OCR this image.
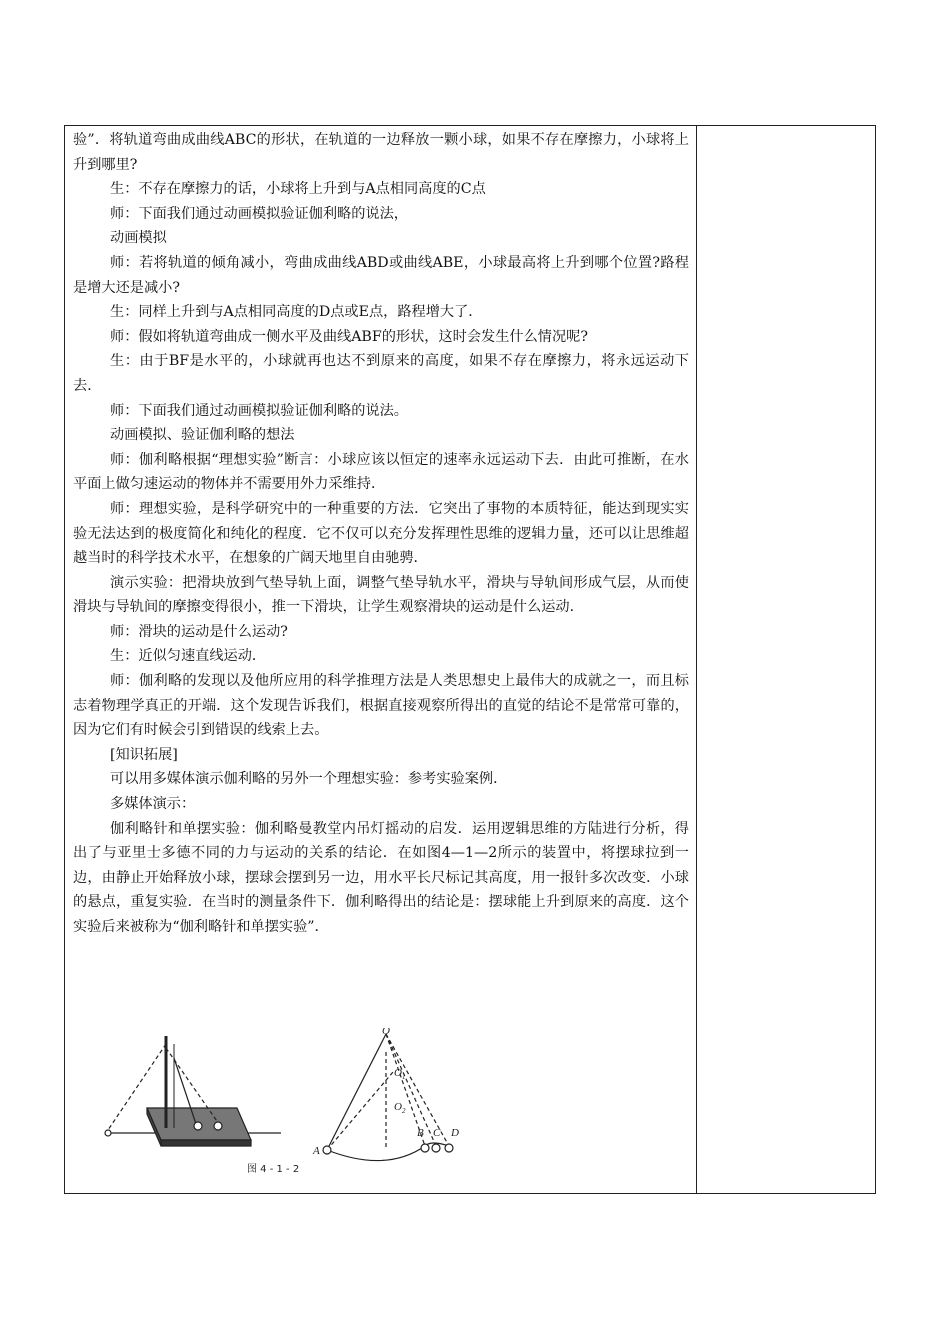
验”．将轨道弯曲成曲线ABC的形状，在轨道的一边释放一颗小球，如果不存在摩擦力，小球将上升到哪里?

生：不存在摩擦力的话，小球将上升到与A点相同高度的C点

师：下面我们通过动画模拟验证伽利略的说法，

动画模拟

师：若将轨道的倾角减小，弯曲成曲线ABD或曲线ABE，小球最高将上升到哪个位置?路程是增大还是减小?

生：同样上升到与A点相同高度的D点或E点，路程增大了．

师：假如将轨道弯曲成一侧水平及曲线ABF的形状，这时会发生什么情况呢?

生：由于BF是水平的，小球就再也达不到原来的高度，如果不存在摩擦力，将永远运动下去．

师：下面我们通过动画模拟验证伽利略的说法。

动画模拟、验证伽利略的想法

师：伽利略根据“理想实验”断言：小球应该以恒定的速率永远运动下去．由此可推断，在水平面上做匀速运动的物体并不需要用外力采维持．

师：理想实验，是科学研究中的一种重要的方法．它突出了事物的本质特征，能达到现实实验无法达到的极度简化和纯化的程度．它不仅可以充分发挥理性思维的逻辑力量，还可以让思维超越当时的科学技术水平，在想象的广阔天地里自由驰骋．

演示实验：把滑块放到气垫导轨上面，调整气垫导轨水平，滑块与导轨间形成气层，从而使滑块与导轨间的摩擦变得很小，推一下滑块，让学生观察滑块的运动是什么运动．

师：滑块的运动是什么运动?

生：近似匀速直线运动．

师：伽利略的发现以及他所应用的科学推理方法是人类思想史上最伟大的成就之一，而且标志着物理学真正的开端．这个发现告诉我们，根据直接观察所得出的直觉的结论不是常常可靠的，因为它们有时候会引到错误的线索上去。

[知识拓展]

可以用多媒体演示伽利略的另外一个理想实验：参考实验案例．

多媒体演示：

伽利略针和单摆实验：伽利略曼教堂内吊灯摇动的启发．运用逻辑思维的方陆进行分析，得出了与亚里士多德不同的力与运动的关系的结论．在如图4—1—2所示的装置中，将摆球拉到一边，由静止开始释放小球，摆球会摆到另一边，用水平长尺标记其高度，用一报针多次改变．小球的悬点，重复实验．在当时的测量条件下．伽利略得出的结论是：摆球能上升到原来的高度．这个实验后来被称为“伽利略针和单摆实验”．

O
$O_1$
$O_2$
A
B C D
图 4 - 1 - 2
